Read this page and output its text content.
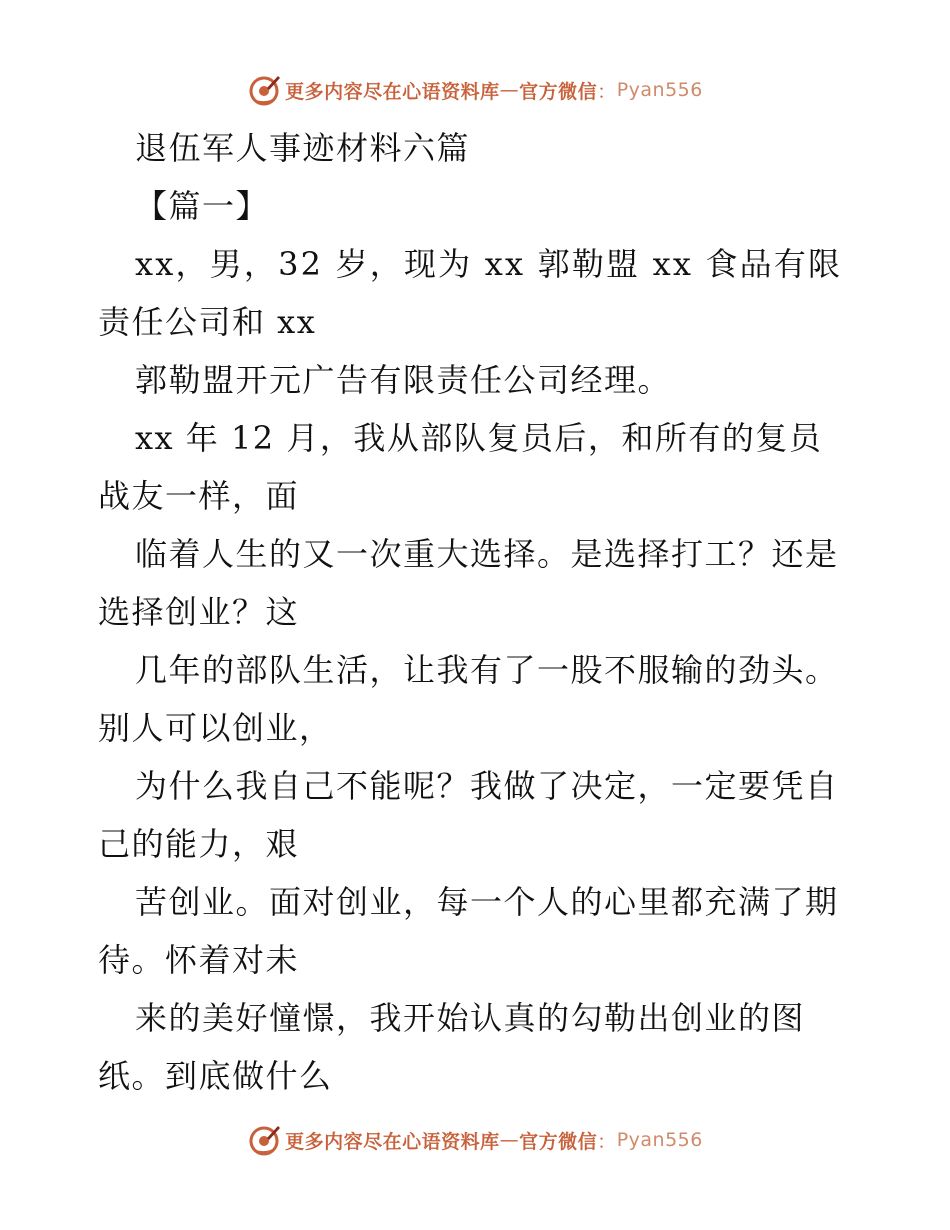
更多内容尽在心语资料库 — 官方微信 ： Pyan556
退伍军人事迹材料六篇
【篇一】
xx，男，32 岁，现为 xx 郭勒盟 xx 食品有限
责任公司和 xx
郭勒盟开元广告有限责任公司经理。
xx 年 12 月，我从部队复员后，和所有的复员
战友一样，面
临着人生的又一次重大选择。是选择打工？还是
选择创业？这
几年的部队生活，让我有了一股不服输的劲头。
别人可以创业，
为什么我自己不能呢？我做了决定，一定要凭自
己的能力，艰
苦创业。面对创业，每一个人的心里都充满了期
待。怀着对未
来的美好憧憬，我开始认真的勾勒出创业的图
纸。到底做什么
更多内容尽在心语资料库 — 官方微信 ： Pyan556
